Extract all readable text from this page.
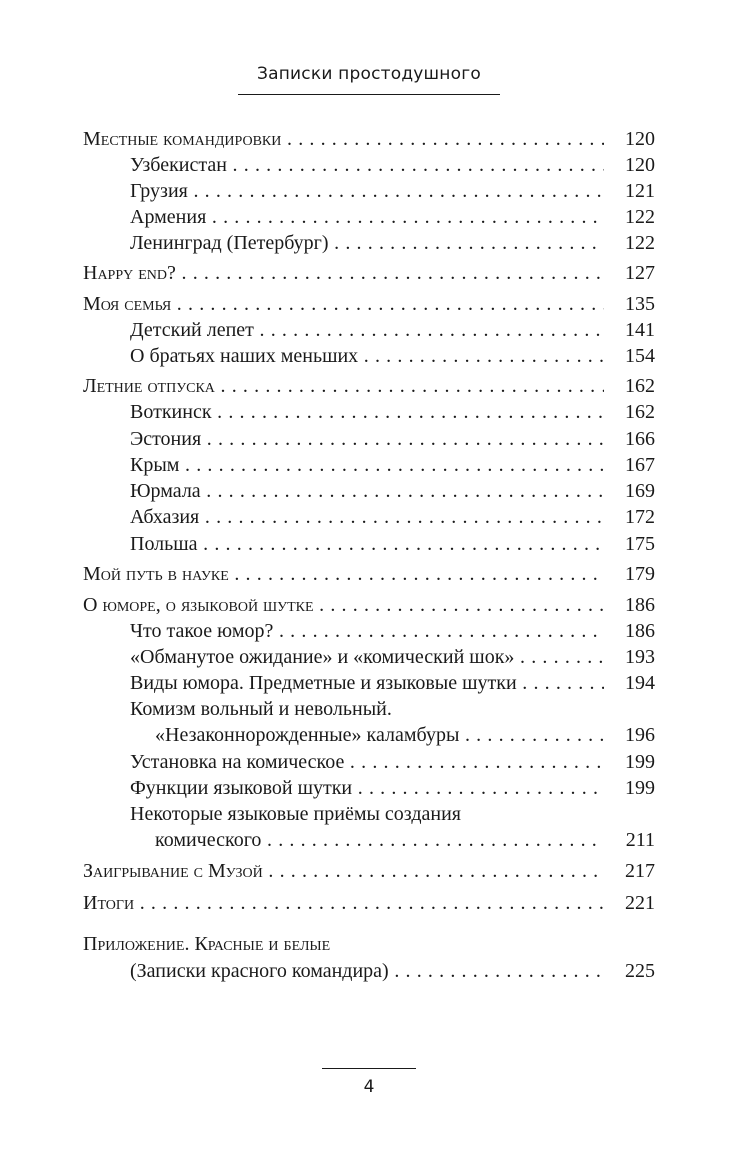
Записки простодушного
Местные командировки . . .	120
Узбекистан . . .	120
Грузия . . .	121
Армения . . .	122
Ленинград (Петербург) . . .	122
Happy end? . . .	127
Моя семья . . .	135
Детский лепет . . .	141
О братьях наших меньших . . .	154
Летние отпуска . . .	162
Воткинск . . .	162
Эстония . . .	166
Крым . . .	167
Юрмала . . .	169
Абхазия . . .	172
Польша . . .	175
Мой путь в науке . . .	179
О юморе, о языковой шутке . . .	186
Что такое юмор? . . .	186
«Обманутое ожидание» и «комический шок» . . .	193
Виды юмора. Предметные и языковые шутки . . .	194
Комизм вольный и невольный.
«Незаконнорожденные» каламбуры . . .	196
Установка на комическое . . .	199
Функции языковой шутки . . .	199
Некоторые языковые приёмы создания
комического . . .	211
Заигрывание с Музой . . .	217
Итоги . . .	221
Приложение. Красные и белые
(Записки красного командира) . . .	225
4
